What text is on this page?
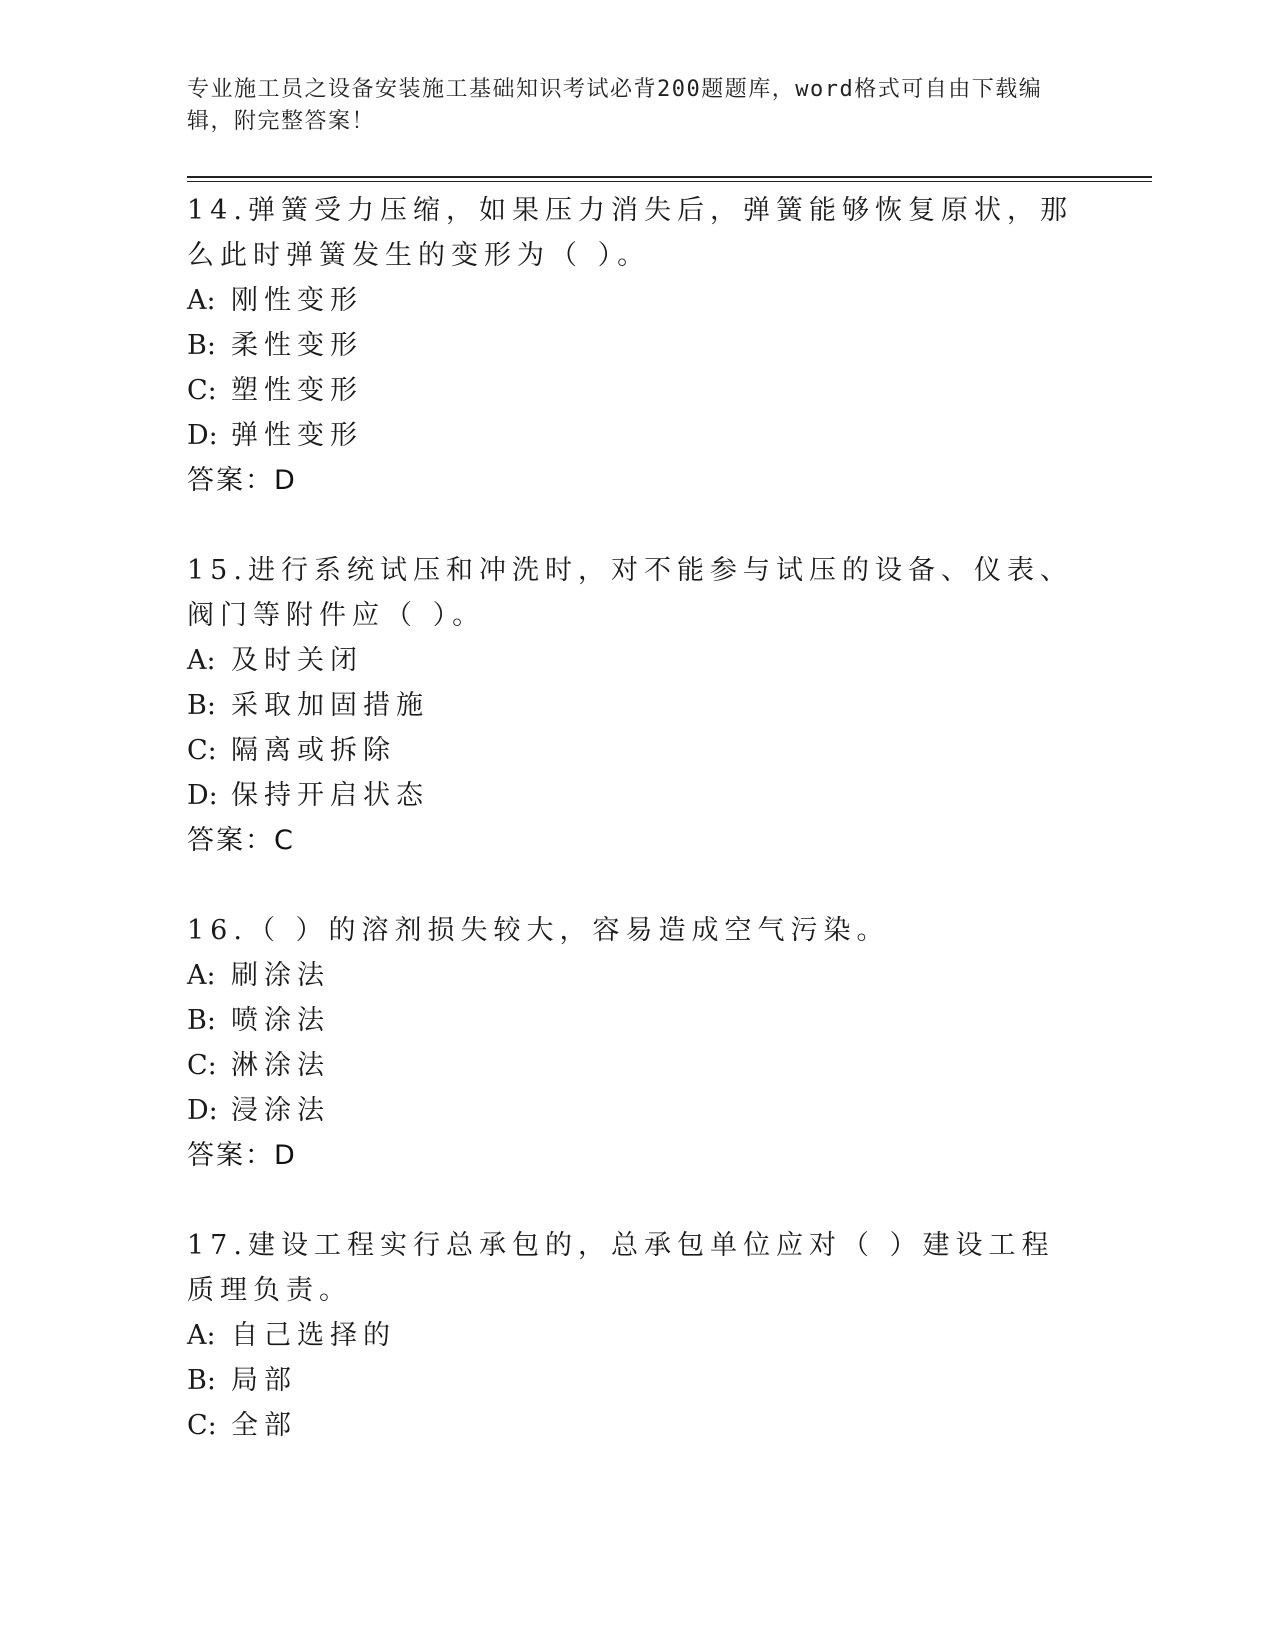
专业施工员之设备安装施工基础知识考试必背200题题库，word格式可自由下载编辑，附完整答案！

14.弹簧受力压缩，如果压力消失后，弹簧能够恢复原状，那么此时弹簧发生的变形为（ ）。

A: 刚性变形

B: 柔性变形

C: 塑性变形

D: 弹性变形

答案：D

15.进行系统试压和冲洗时，对不能参与试压的设备、仪表、阀门等附件应（ ）。

A: 及时关闭

B: 采取加固措施

C: 隔离或拆除

D: 保持开启状态

答案：C

16.（ ）的溶剂损失较大，容易造成空气污染。

A: 刷涂法

B: 喷涂法

C: 淋涂法

D: 浸涂法

答案：D

17.建设工程实行总承包的，总承包单位应对（ ）建设工程质理负责。

A: 自己选择的

B: 局部

C: 全部
